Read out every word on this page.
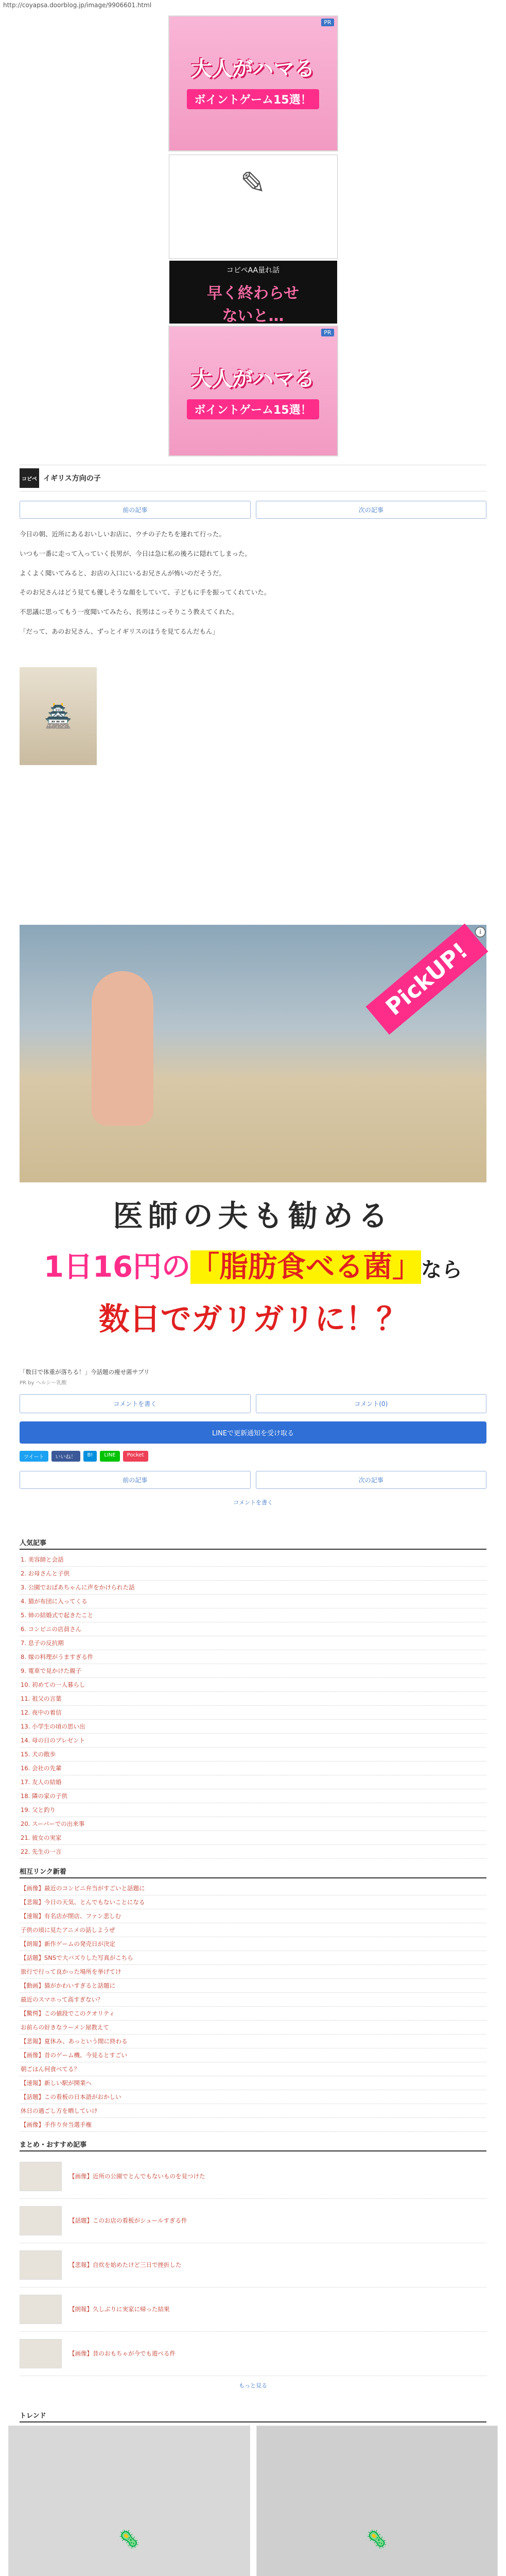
http://coyapsa.doorblog.jp/image/9906601.html
PR
大人がハマる
ボイントゲーム15選！
✎
コピペAA量れ話
早く終わらせ
ないと…
PR
大人がハマる
ボイントゲーム15選！
コピペ イギリス方向の子
前の記事	次の記事

今日の朝、近所にあるおいしいお店に、ウチの子たちを連れて行った。

いつも一番に走って入っていく長男が、今日は急に私の後ろに隠れてしまった。

よくよく聞いてみると、お店の入口にいるお兄さんが怖いのだそうだ。

そのお兄さんはどう見ても優しそうな顔をしていて、子どもに手を振ってくれていた。

不思議に思ってもう一度聞いてみたら、長男はこっそりこう教えてくれた。

「だって、あのお兄さん、ずっとイギリスのほうを見てるんだもん」

🏯
PickUP!
i
医師の夫も勧める
1日16円の「脂肪食べる菌」なら
数日でガリガリに！？
「数日で体重が落ちる！」今話題の痩せ菌サプリ
PR by ヘルシー乳酸
コメントを書く	コメント(0)
LINEで更新通知を受け取る
ツイート	いいね！	B!	LINE	Pocket
前の記事	次の記事
コメントを書く
人気記事
1. 美容師と会話
2. お母さんと子供
3. 公園でおばあちゃんに声をかけられた話
4. 猫が布団に入ってくる
5. 姉の結婚式で起きたこと
6. コンビニの店員さん
7. 息子の反抗期
8. 嫁の料理がうますぎる件
9. 電車で見かけた親子
10. 初めての一人暮らし
11. 祖父の言葉
12. 夜中の着信
13. 小学生の頃の思い出
14. 母の日のプレゼント
15. 犬の散歩
16. 会社の先輩
17. 友人の結婚
18. 隣の家の子供
19. 父と釣り
20. スーパーでの出来事
21. 彼女の実家
22. 先生の一言
相互リンク新着
【画像】最近のコンビニ弁当がすごいと話題に
【悲報】今日の天気、とんでもないことになる
【速報】有名店が閉店、ファン悲しむ
子供の頃に見たアニメの話しようぜ
【朗報】新作ゲームの発売日が決定
【話題】SNSで大バズりした写真がこちら
旅行で行って良かった場所を挙げてけ
【動画】猫がかわいすぎると話題に
最近のスマホって高すぎない？
【驚愕】この値段でこのクオリティ
お前らの好きなラーメン屋教えて
【悲報】夏休み、あっという間に終わる
【画像】昔のゲーム機、今見るとすごい
朝ごはん何食べてる？
【速報】新しい駅が開業へ
【話題】この看板の日本語がおかしい
休日の過ごし方を晒していけ
【画像】手作り弁当選手権
まとめ・おすすめ記事
【画像】近所の公園でとんでもないものを見つけた
【話題】このお店の看板がシュールすぎる件
【悲報】自炊を始めたけど三日で挫折した
【朗報】久しぶりに実家に帰った結果
【画像】昔のおもちゃが今でも遊べる件
もっと見る
トレンド
🦠	🦠
